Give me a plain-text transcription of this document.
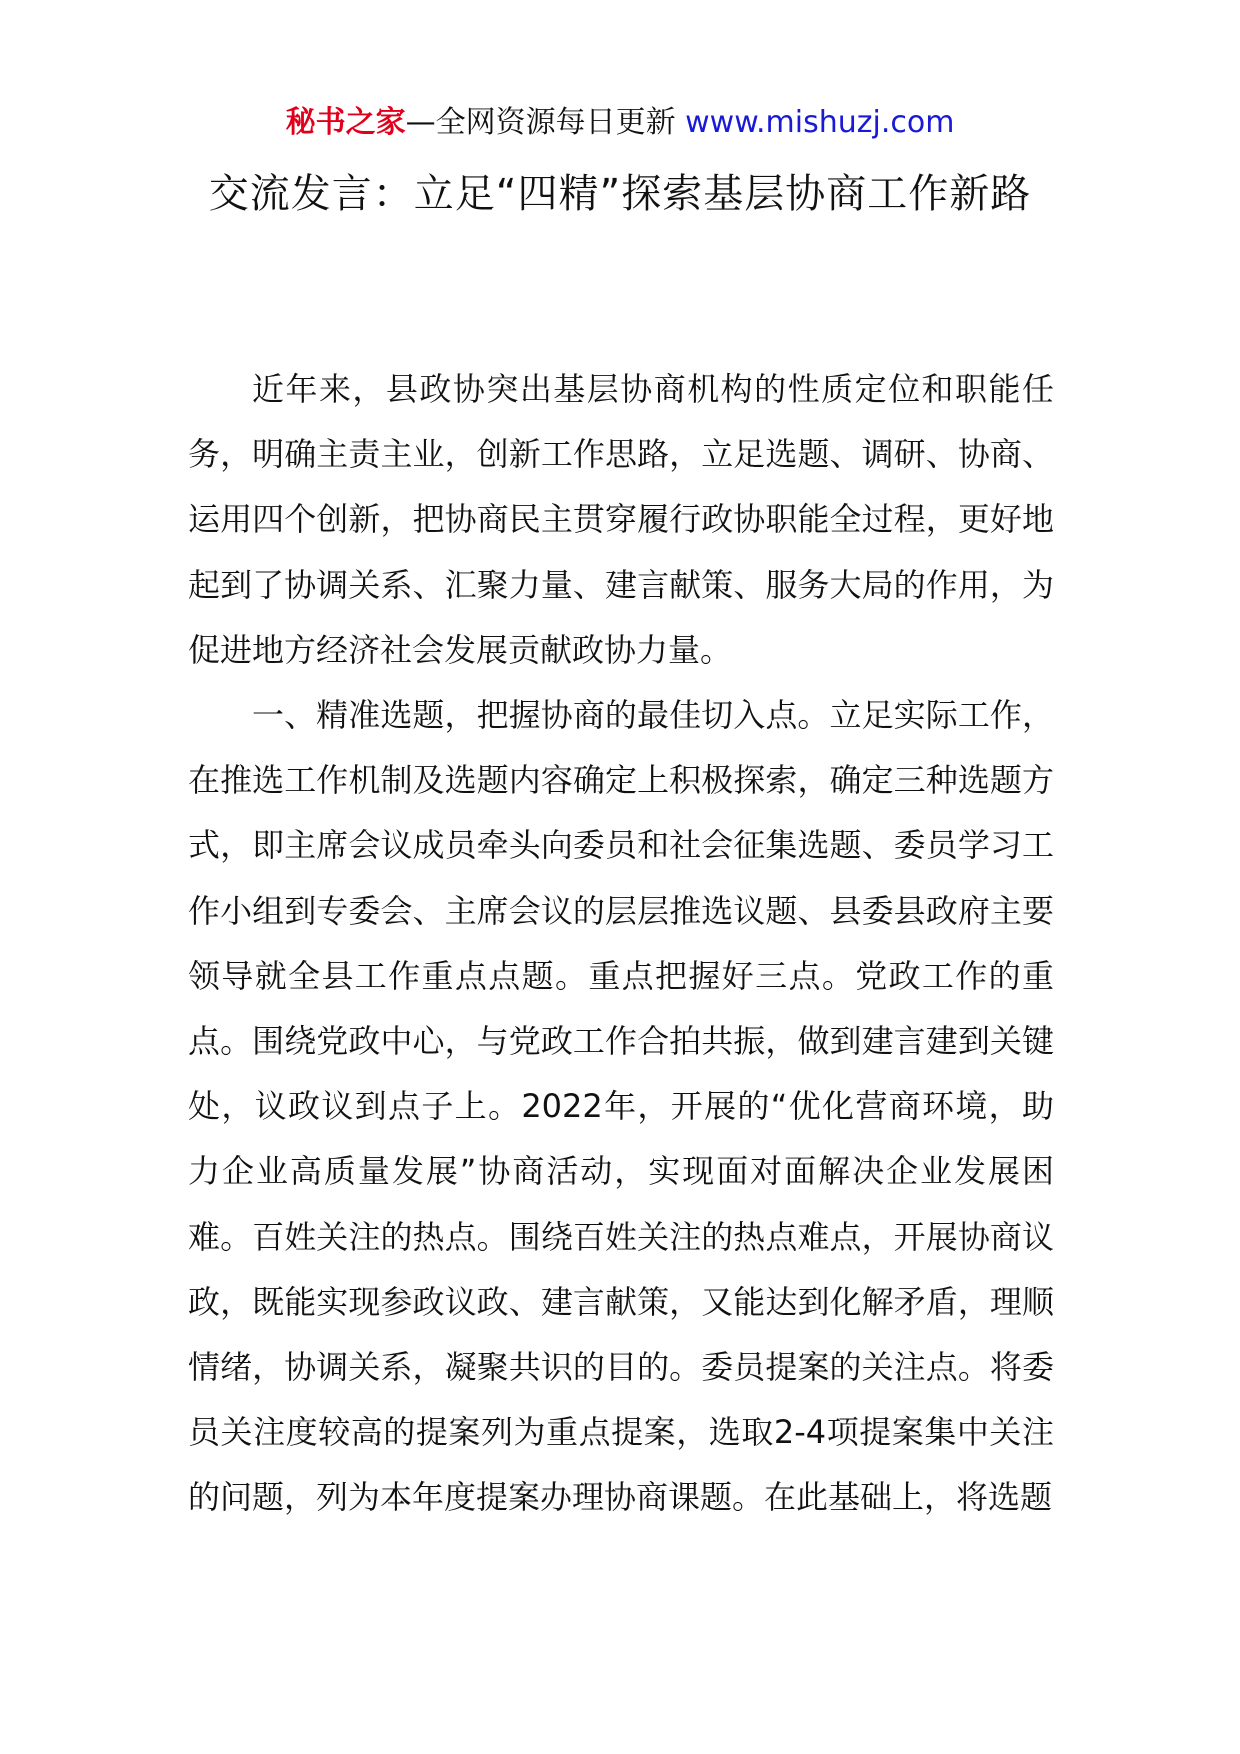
秘书之家—全网资源每日更新 www.mishuzj.com
交流发言：立足“四精”探索基层协商工作新路

近年来，县政协突出基层协商机构的性质定位和职能任务，明确主责主业，创新工作思路，立足选题、调研、协商、运用四个创新，把协商民主贯穿履行政协职能全过程，更好地起到了协调关系、汇聚力量、建言献策、服务大局的作用，为促进地方经济社会发展贡献政协力量。

一、精准选题，把握协商的最佳切入点。立足实际工作，在推选工作机制及选题内容确定上积极探索，确定三种选题方式，即主席会议成员牵头向委员和社会征集选题、委员学习工作小组到专委会、主席会议的层层推选议题、县委县政府主要领导就全县工作重点点题。重点把握好三点。党政工作的重点。围绕党政中心，与党政工作合拍共振，做到建言建到关键处，议政议到点子上。2022年，开展的“优化营商环境，助力企业高质量发展”协商活动，实现面对面解决企业发展困难。百姓关注的热点。围绕百姓关注的热点难点，开展协商议政，既能实现参政议政、建言献策，又能达到化解矛盾，理顺情绪，协调关系，凝聚共识的目的。委员提案的关注点。将委员关注度较高的提案列为重点提案，选取2-4项提案集中关注的问题，列为本年度提案办理协商课题。在此基础上，将选题
